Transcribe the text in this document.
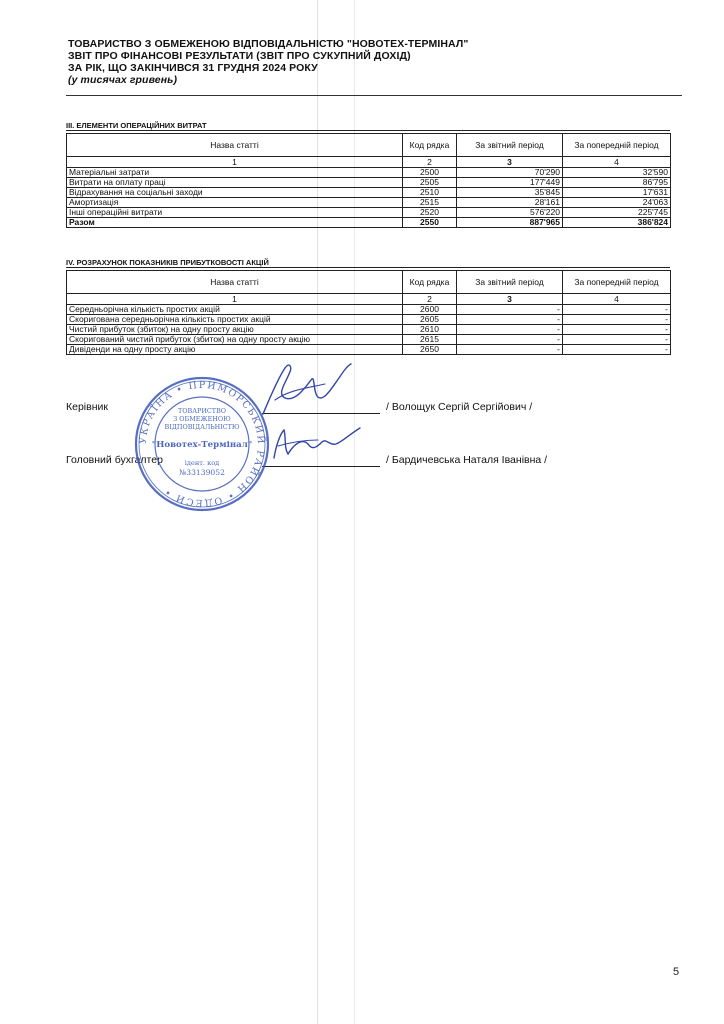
ТОВАРИСТВО З ОБМЕЖЕНОЮ ВІДПОВІДАЛЬНІСТЮ "НОВОТЕХ-ТЕРМІНАЛ"
ЗВІТ ПРО ФІНАНСОВІ РЕЗУЛЬТАТИ (ЗВІТ ПРО СУКУПНИЙ ДОХІД)
ЗА РІК, ЩО ЗАКІНЧИВСЯ 31 ГРУДНЯ 2024 РОКУ
(у тисячах гривень)
ІІІ. ЕЛЕМЕНТИ ОПЕРАЦІЙНИХ ВИТРАТ
Назва статті	Код рядка	За звітний період	За попередній період
1	2	3	4
Матеріальні затрати	2500	70'290	32'590
Витрати на оплату праці	2505	177'449	86'795
Відрахування на соціальні заходи	2510	35'845	17'631
Амортизація	2515	28'161	24'063
Інші операційні витрати	2520	576'220	225'745
Разом	2550	887'965	386'824
IV. РОЗРАХУНОК ПОКАЗНИКІВ ПРИБУТКОВОСТІ АКЦІЙ
Назва статті	Код рядка	За звітний період	За попередній період
1	2	3	4
Середньорічна кількість простих акцій	2600	-	-
Скоригована середньорічна кількість простих акцій	2605	-	-
Чистий прибуток (збиток) на одну просту акцію	2610	-	-
Скоригований чистий прибуток (збиток) на одну просту акцію	2615	-	-
Дивіденди на одну просту акцію	2650	-	-
Керівник	/ Волощук Сергій Сергійович /
Головний бухгалтер	/ Бардичевська Наталя Іванівна /
УКРАЇНА • ПРИМОРСЬКИЙ РАЙОН • ОДЕСИ •
ТОВАРИСТВО
З ОБМЕЖЕНОЮ
ВІДПОВІДАЛЬНІСТЮ
"Новотех-Термінал"
ідент. код
№33139052
5
